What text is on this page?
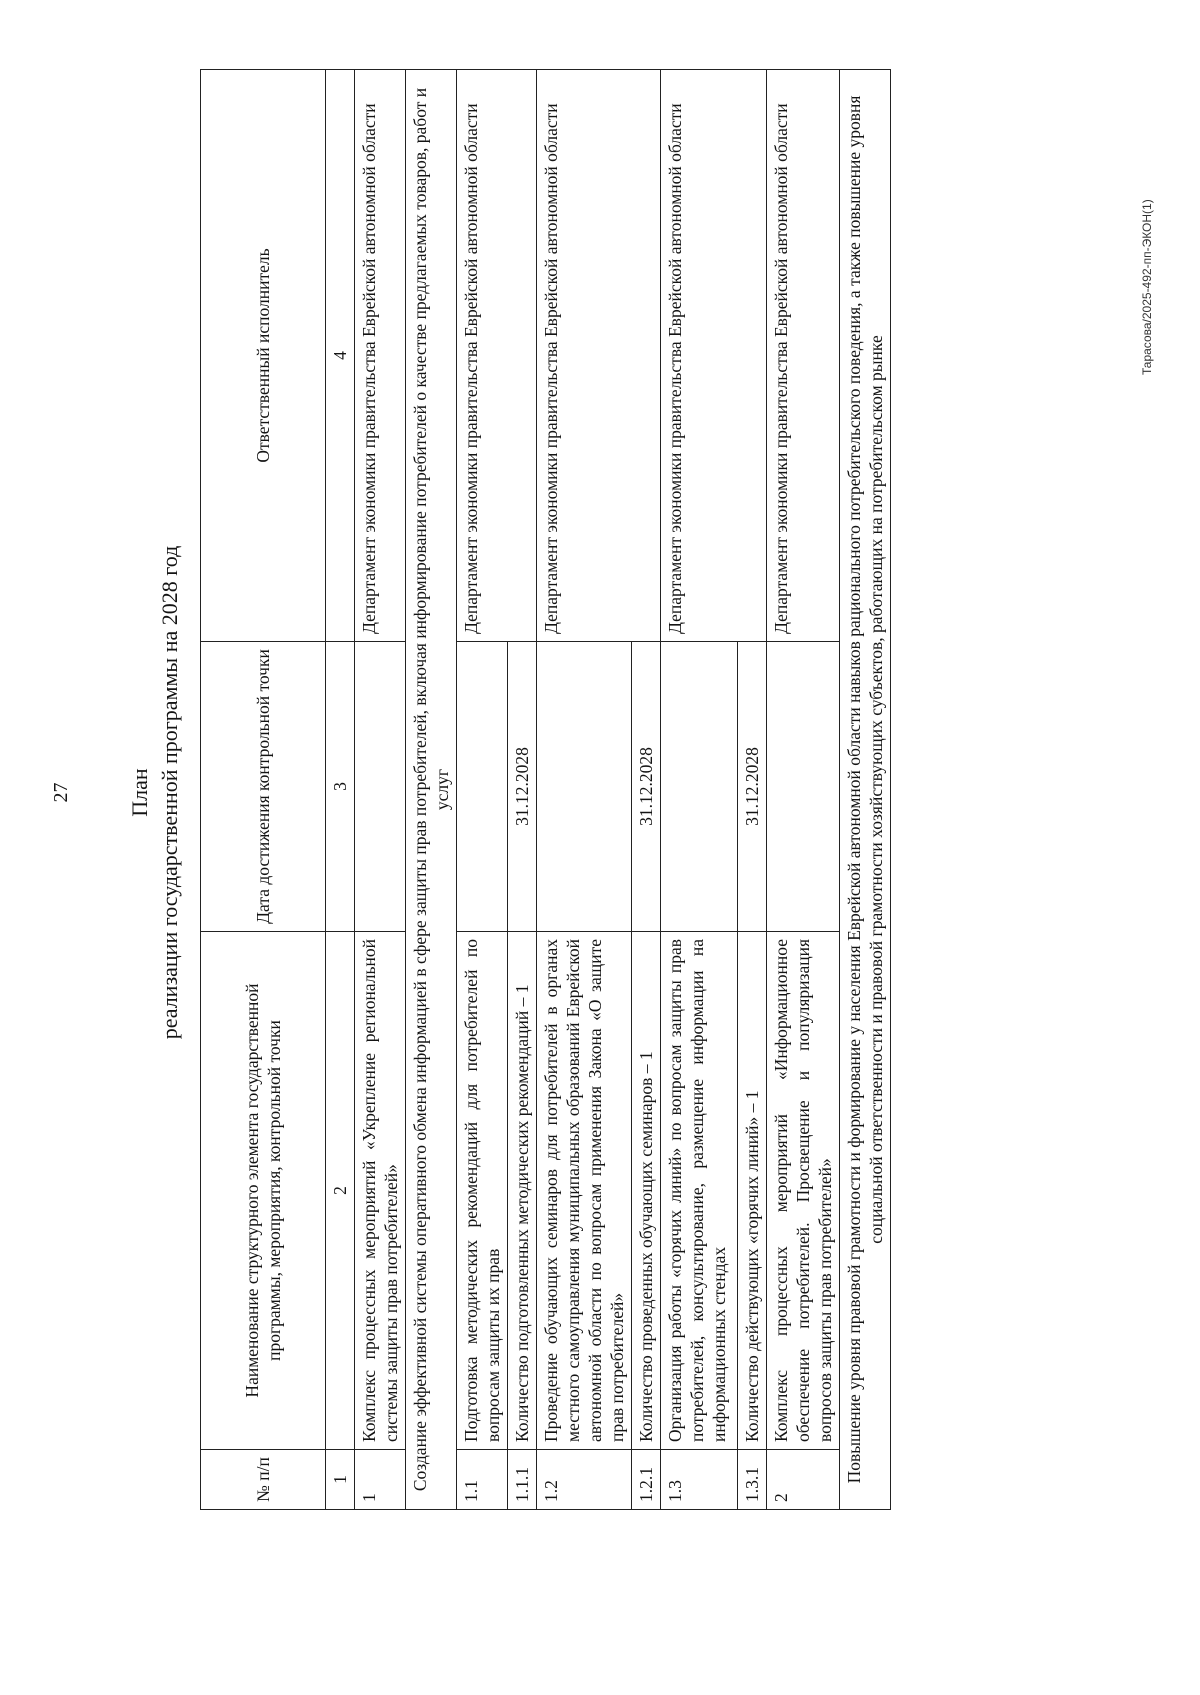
27	План реализации государственной программы на 2028 год
№ п/п	Наименование структурного элемента государственной программы, мероприятия, контрольной точки	Дата достижения контрольной точки	Ответственный исполнитель
1	2	3	4
1	Комплекс процессных мероприятий «Укрепление региональной системы защиты прав потребителей»		Департамент экономики правительства Еврейской автономной области
Создание эффективной системы оперативного обмена информацией в сфере защиты прав потребителей, включая информирование потребителей о качестве предлагаемых товаров, работ и услуг			
1.1	Подготовка методических рекомендаций для потребителей по вопросам защиты их прав		Департамент экономики правительства Еврейской автономной области
1.1.1	Количество подготовленных методических рекомендаций – 1	31.12.2028	
1.2	Проведение обучающих семинаров для потребителей в органах местного самоуправления муниципальных образований Еврейской автономной области по вопросам применения Закона «О защите прав потребителей»		Департамент экономики правительства Еврейской автономной области
1.2.1	Количество проведенных обучающих семинаров – 1	31.12.2028	
1.3	Организация работы «горячих линий» по вопросам защиты прав потребителей, консультирование, размещение информации на информационных стендах		Департамент экономики правительства Еврейской автономной области
1.3.1	Количество действующих «горячих линий» – 1	31.12.2028	
2	Комплекс процессных мероприятий «Информационное обеспечение потребителей. Просвещение и популяризация вопросов защиты прав потребителей»		Департамент экономики правительства Еврейской автономной области
Повышение уровня правовой грамотности и формирование у населения Еврейской автономной области навыков рационального потребительского поведения, а также повышение уровня социальной ответственности и правовой грамотности хозяйствующих субъектов, работающих на потребительском рынке			
Тарасова/2025-492-пп-ЭКОН(1)
